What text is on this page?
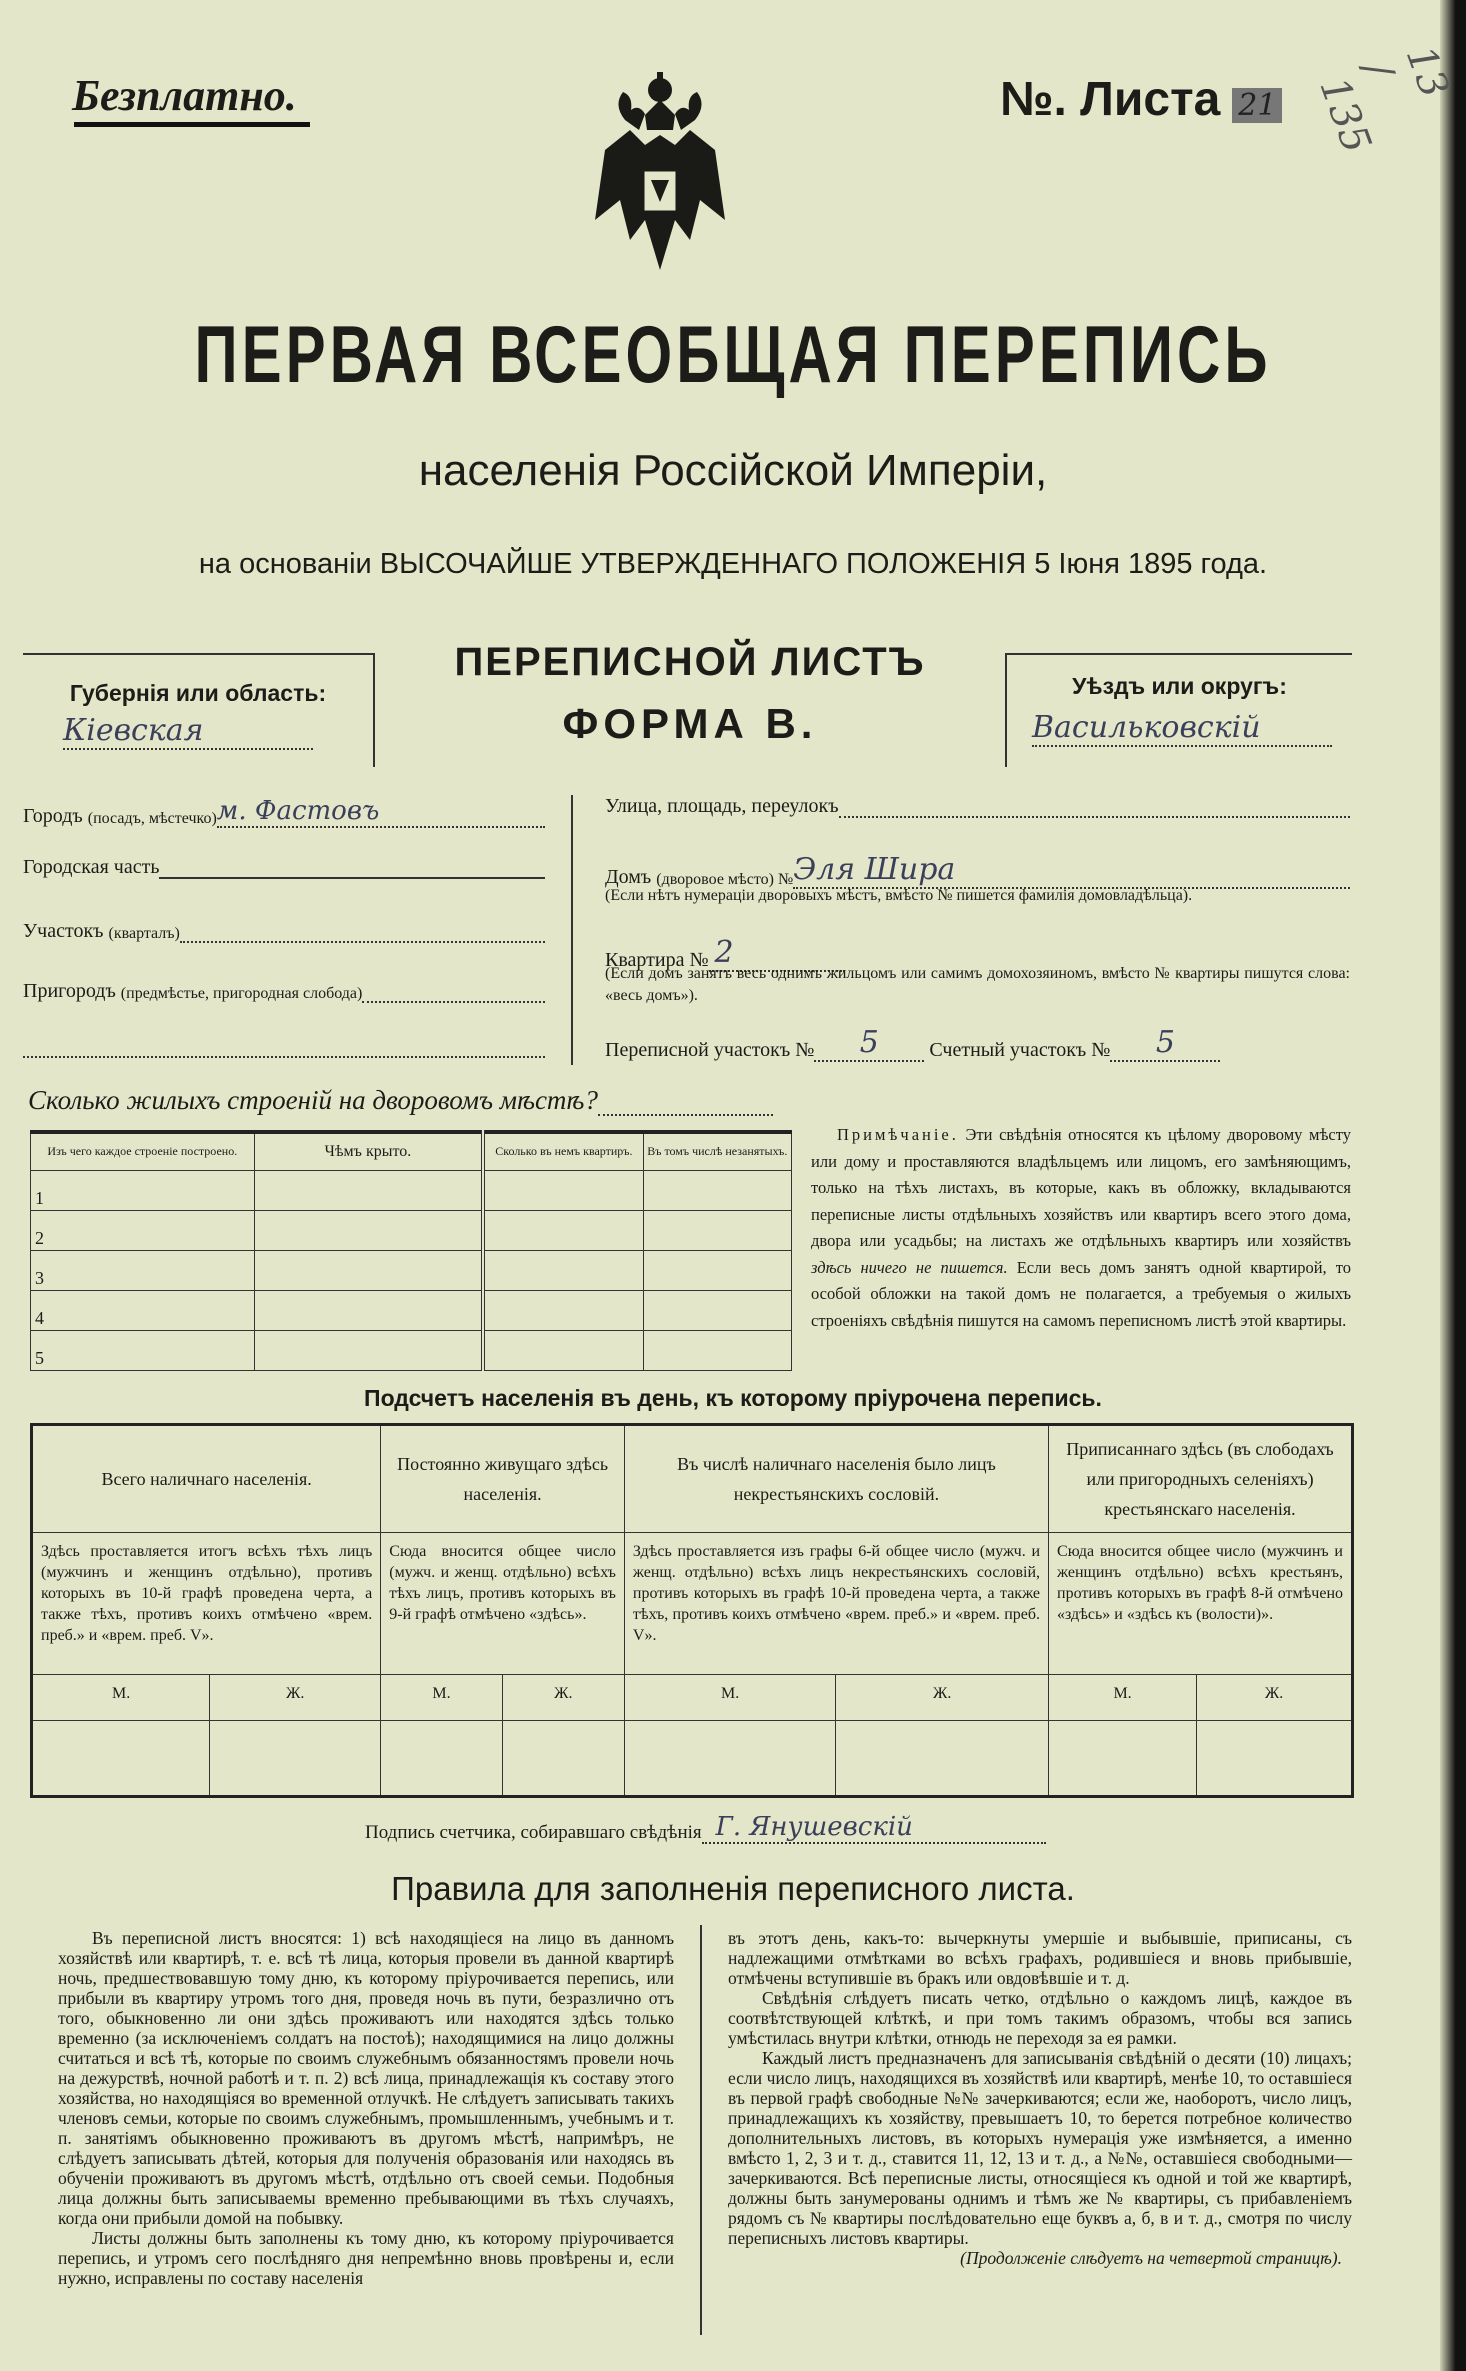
Безплатно.	№. Листа 21
13 / 135
ПЕРВАЯ ВСЕОБЩАЯ ПЕРЕПИСЬ
населенія Россійской Имперіи,
на основаніи ВЫСОЧАЙШЕ УТВЕРЖДЕННАГО ПОЛОЖЕНІЯ 5 Іюня 1895 года.
Губернія или область:
Кіевская
ПЕРЕПИСНОЙ ЛИСТЪ
ФОРМА В.
Уѣздъ или округъ:
Васильковскій
Городъ
(посадъ, мѣстечко) м. Фастовъ
Городская часть
Участокъ
(кварталъ)
Пригородъ
(предмѣстье, пригородная слобода)
Улица, площадь, переулокъ
Домъ
(дворовое мѣсто) № Эля Шира
(Если нѣтъ нумераціи дворовыхъ мѣстъ, вмѣсто № пишется фамилія домовладѣльца).
Квартира № 2
(Если домъ занятъ весь однимъ жильцомъ или самимъ домохозяиномъ, вмѣсто № квартиры пишутся слова: «весь домъ»).
Переписной участокъ №	5
	Счетный участокъ №	5
Сколько жилыхъ строеній на дворовомъ мѣстѣ?
Изъ чего каждое строеніе построено.	Чѣмъ крыто.	Сколько въ немъ квартиръ.	Въ томъ числѣ незанятыхъ.
1			
2			
3			
4			
5			
Примѣчаніе. Эти свѣдѣнія относятся къ цѣлому дворовому мѣсту или дому и проставляются владѣльцемъ или лицомъ, его замѣняющимъ, только на тѣхъ листахъ, въ которые, какъ въ обложку, вкладываются переписные листы отдѣльныхъ хозяйствъ или квартиръ всего этого дома, двора или усадьбы; на листахъ же отдѣльныхъ квартиръ или хозяйствъ здѣсь ничего не пишется. Если весь домъ занятъ одной квартирой, то особой обложки на такой домъ не полагается, а требуемыя о жилыхъ строеніяхъ свѣдѣнія пишутся на самомъ переписномъ листѣ этой квартиры.
Подсчетъ населенія въ день, къ которому пріурочена перепись.
Всего наличнаго населенія.		Постоянно живущаго здѣсь населенія.		Въ числѣ наличнаго населенія было лицъ некрестьянскихъ сословій.		Приписаннаго здѣсь (въ слободахъ или пригородныхъ селеніяхъ) крестьянскаго населенія.	
Здѣсь проставляется итогъ всѣхъ тѣхъ лицъ (мужчинъ и женщинъ отдѣльно), противъ которыхъ въ 10-й графѣ проведена черта, а также тѣхъ, противъ коихъ отмѣчено «врем. преб.» и «врем. преб. V».		Сюда вносится общее число (мужч. и женщ. отдѣльно) всѣхъ тѣхъ лицъ, противъ которыхъ въ 9-й графѣ отмѣчено «здѣсь».		Здѣсь проставляется изъ графы 6-й общее число (мужч. и женщ. отдѣльно) всѣхъ лицъ некрестьянскихъ сословій, противъ которыхъ въ графѣ 10-й проведена черта, а также тѣхъ, противъ коихъ отмѣчено «врем. преб.» и «врем. преб. V».		Сюда вносится общее число (мужчинъ и женщинъ отдѣльно) всѣхъ крестьянъ, противъ которыхъ въ графѣ 8-й отмѣчено «здѣсь» и «здѣсь къ (волости)».	
М.	Ж.	М.	Ж.	М.	Ж.	М.	Ж.

Подпись счетчика, собиравшаго свѣдѣнія Г. Янушевскій
Правила для заполненія переписного листа.

Въ переписной листъ вносятся: 1) всѣ находящіеся на лицо въ данномъ хозяйствѣ или квартирѣ, т. е. всѣ тѣ лица, которыя провели въ данной квартирѣ ночь, предшествовавшую тому дню, къ которому пріурочивается перепись, или прибыли въ квартиру утромъ того дня, проведя ночь въ пути, безразлично отъ того, обыкновенно ли они здѣсь проживаютъ или находятся здѣсь только временно (за исключеніемъ солдатъ на постоѣ); находящимися на лицо должны считаться и всѣ тѣ, которые по своимъ служебнымъ обязанностямъ провели ночь на дежурствѣ, ночной работѣ и т. п. 2) всѣ лица, принадлежащія къ составу этого хозяйства, но находящіяся во временной отлучкѣ. Не слѣдуетъ записывать такихъ членовъ семьи, которые по своимъ служебнымъ, промышленнымъ, учебнымъ и т. п. занятіямъ обыкновенно проживаютъ въ другомъ мѣстѣ, напримѣръ, не слѣдуетъ записывать дѣтей, которыя для полученія образованія или находясь въ обученіи проживаютъ въ другомъ мѣстѣ, отдѣльно отъ своей семьи. Подобныя лица должны быть записываемы временно пребывающими въ тѣхъ случаяхъ, когда они прибыли домой на побывку.

Листы должны быть заполнены къ тому дню, къ которому пріурочивается перепись, и утромъ сего послѣдняго дня непремѣнно вновь провѣрены и, если нужно, исправлены по составу населенія

въ этотъ день, какъ-то: вычеркнуты умершіе и выбывшіе, приписаны, съ надлежащими отмѣтками во всѣхъ графахъ, родившіеся и вновь прибывшіе, отмѣчены вступившіе въ бракъ или овдовѣвшіе и т. д.

Свѣдѣнія слѣдуетъ писать четко, отдѣльно о каждомъ лицѣ, каждое въ соотвѣтствующей клѣткѣ, и при томъ такимъ образомъ, чтобы вся запись умѣстилась внутри клѣтки, отнюдь не переходя за ея рамки.

Каждый листъ предназначенъ для записыванія свѣдѣній о десяти (10) лицахъ; если число лицъ, находящихся въ хозяйствѣ или квартирѣ, менѣе 10, то оставшіеся въ первой графѣ свободные №№ зачеркиваются; если же, наоборотъ, число лицъ, принадлежащихъ къ хозяйству, превышаетъ 10, то берется потребное количество дополнительныхъ листовъ, въ которыхъ нумерація уже измѣняется, а именно вмѣсто 1, 2, 3 и т. д., ставится 11, 12, 13 и т. д., а №№, оставшіеся свободными—зачеркиваются. Всѣ переписные листы, относящіеся къ одной и той же квартирѣ, должны быть занумерованы однимъ и тѣмъ же № квартиры, съ прибавленіемъ рядомъ съ № квартиры послѣдовательно еще буквъ а, б, в и т. д., смотря по числу переписныхъ листовъ квартиры.

(Продолженіе слѣдуетъ на четвертой страницѣ).
